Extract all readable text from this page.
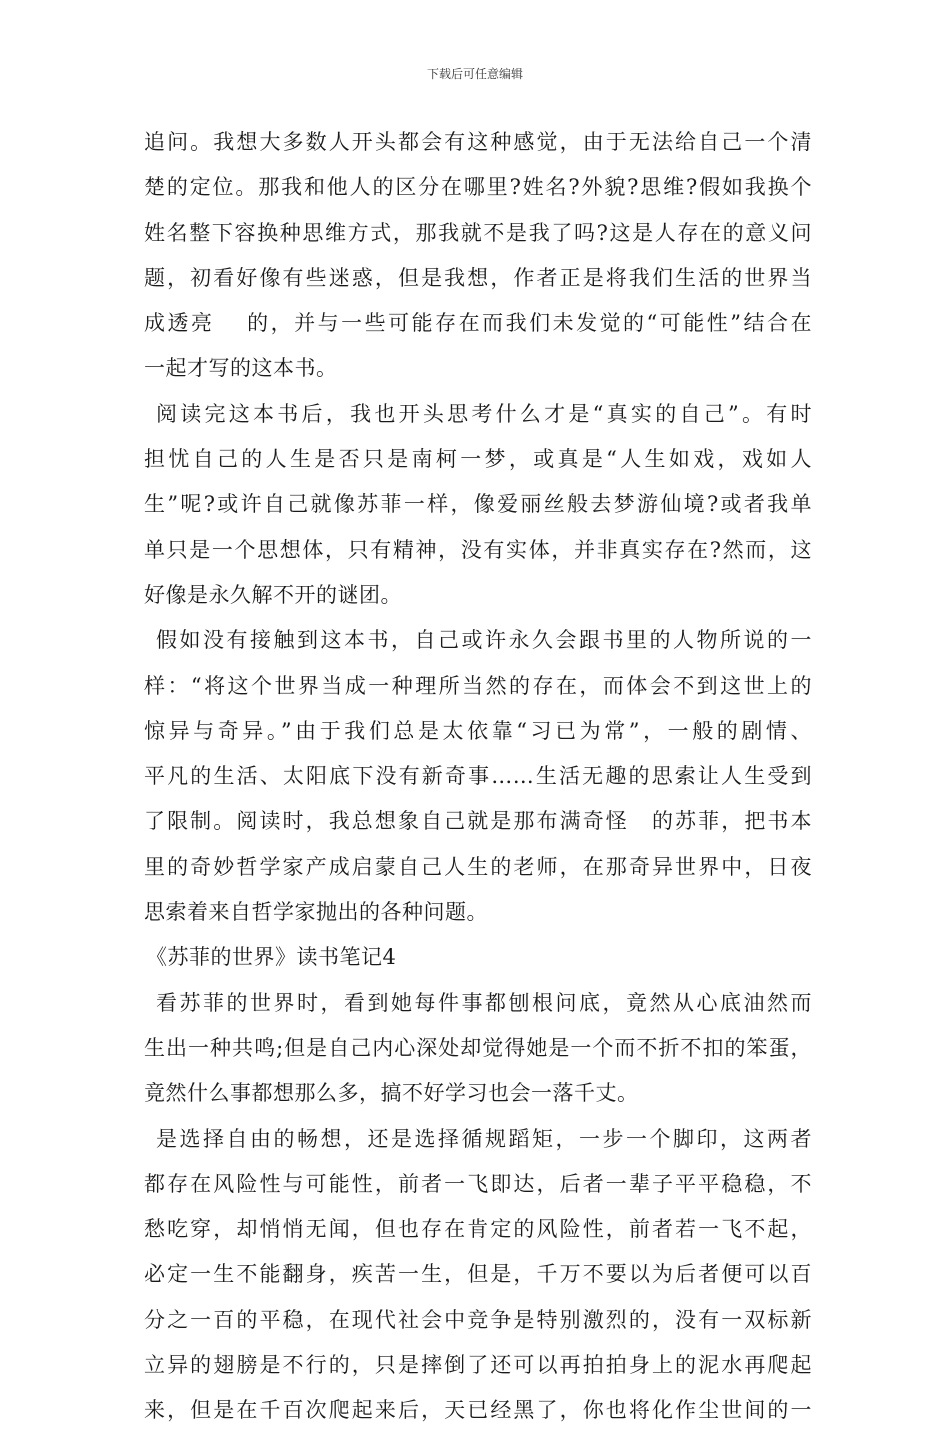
下载后可任意编辑
追问。我想大多数人开头都会有这种感觉，由于无法给自己一个清
楚的定位。那我和他人的区分在哪里?姓名?外貌?思维?假如我换个
姓名整下容换种思维方式，那我就不是我了吗?这是人存在的意义问
题，初看好像有些迷惑，但是我想，作者正是将我们生活的世界当
成透亮　 的，并与一些可能存在而我们未发觉的“可能性”结合在
一起才写的这本书。
阅读完这本书后，我也开头思考什么才是“真实的自己”。有时
担忧自己的人生是否只是南柯一梦，或真是“人生如戏，戏如人
生”呢?或许自己就像苏菲一样，像爱丽丝般去梦游仙境?或者我单
单只是一个思想体，只有精神，没有实体，并非真实存在?然而，这
好像是永久解不开的谜团。
假如没有接触到这本书，自己或许永久会跟书里的人物所说的一
样：“将这个世界当成一种理所当然的存在，而体会不到这世上的
惊异与奇异。”由于我们总是太依靠“习已为常”，一般的剧情、
平凡的生活、太阳底下没有新奇事……生活无趣的思索让人生受到
了限制。阅读时，我总想象自己就是那布满奇怪　的苏菲，把书本
里的奇妙哲学家产成启蒙自己人生的老师，在那奇异世界中，日夜
思索着来自哲学家抛出的各种问题。
《苏菲的世界》读书笔记4
看苏菲的世界时，看到她每件事都刨根问底，竟然从心底油然而
生出一种共鸣;但是自己内心深处却觉得她是一个而不折不扣的笨蛋，
竟然什么事都想那么多，搞不好学习也会一落千丈。
是选择自由的畅想，还是选择循规蹈矩，一步一个脚印，这两者
都存在风险性与可能性，前者一飞即达，后者一辈子平平稳稳，不
愁吃穿，却悄悄无闻，但也存在肯定的风险性，前者若一飞不起，
必定一生不能翻身，疾苦一生，但是，千万不要以为后者便可以百
分之一百的平稳，在现代社会中竞争是特别激烈的，没有一双标新
立异的翅膀是不行的，只是摔倒了还可以再拍拍身上的泥水再爬起
来，但是在千百次爬起来后，天已经黑了，你也将化作尘世间的一
